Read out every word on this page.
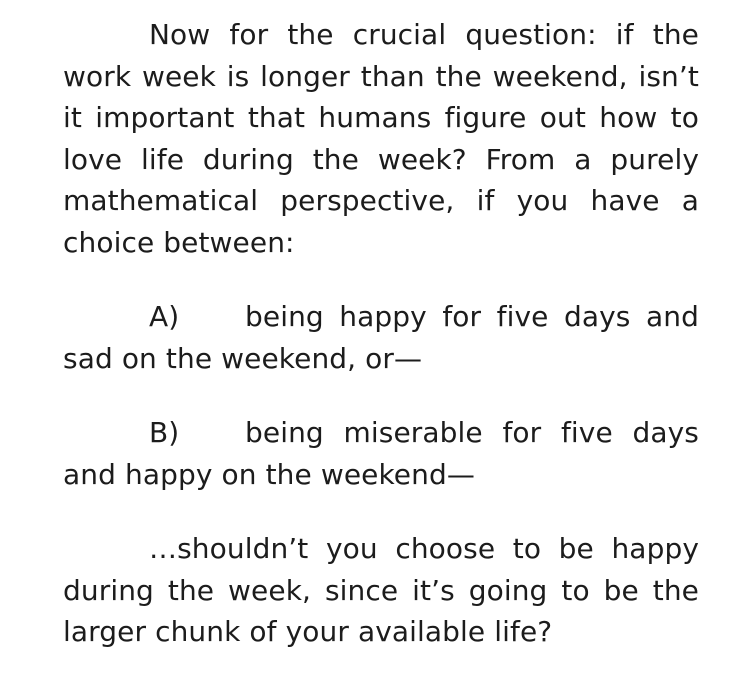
Now for the crucial question: if the work week is longer than the weekend, isn’t it important that humans figure out how to love life during the week? From a purely mathematical perspective, if you have a choice between:

A) being happy for five days and sad on the weekend, or—

B) being miserable for five days and happy on the weekend—

…shouldn’t you choose to be happy during the week, since it’s going to be the larger chunk of your available life?
